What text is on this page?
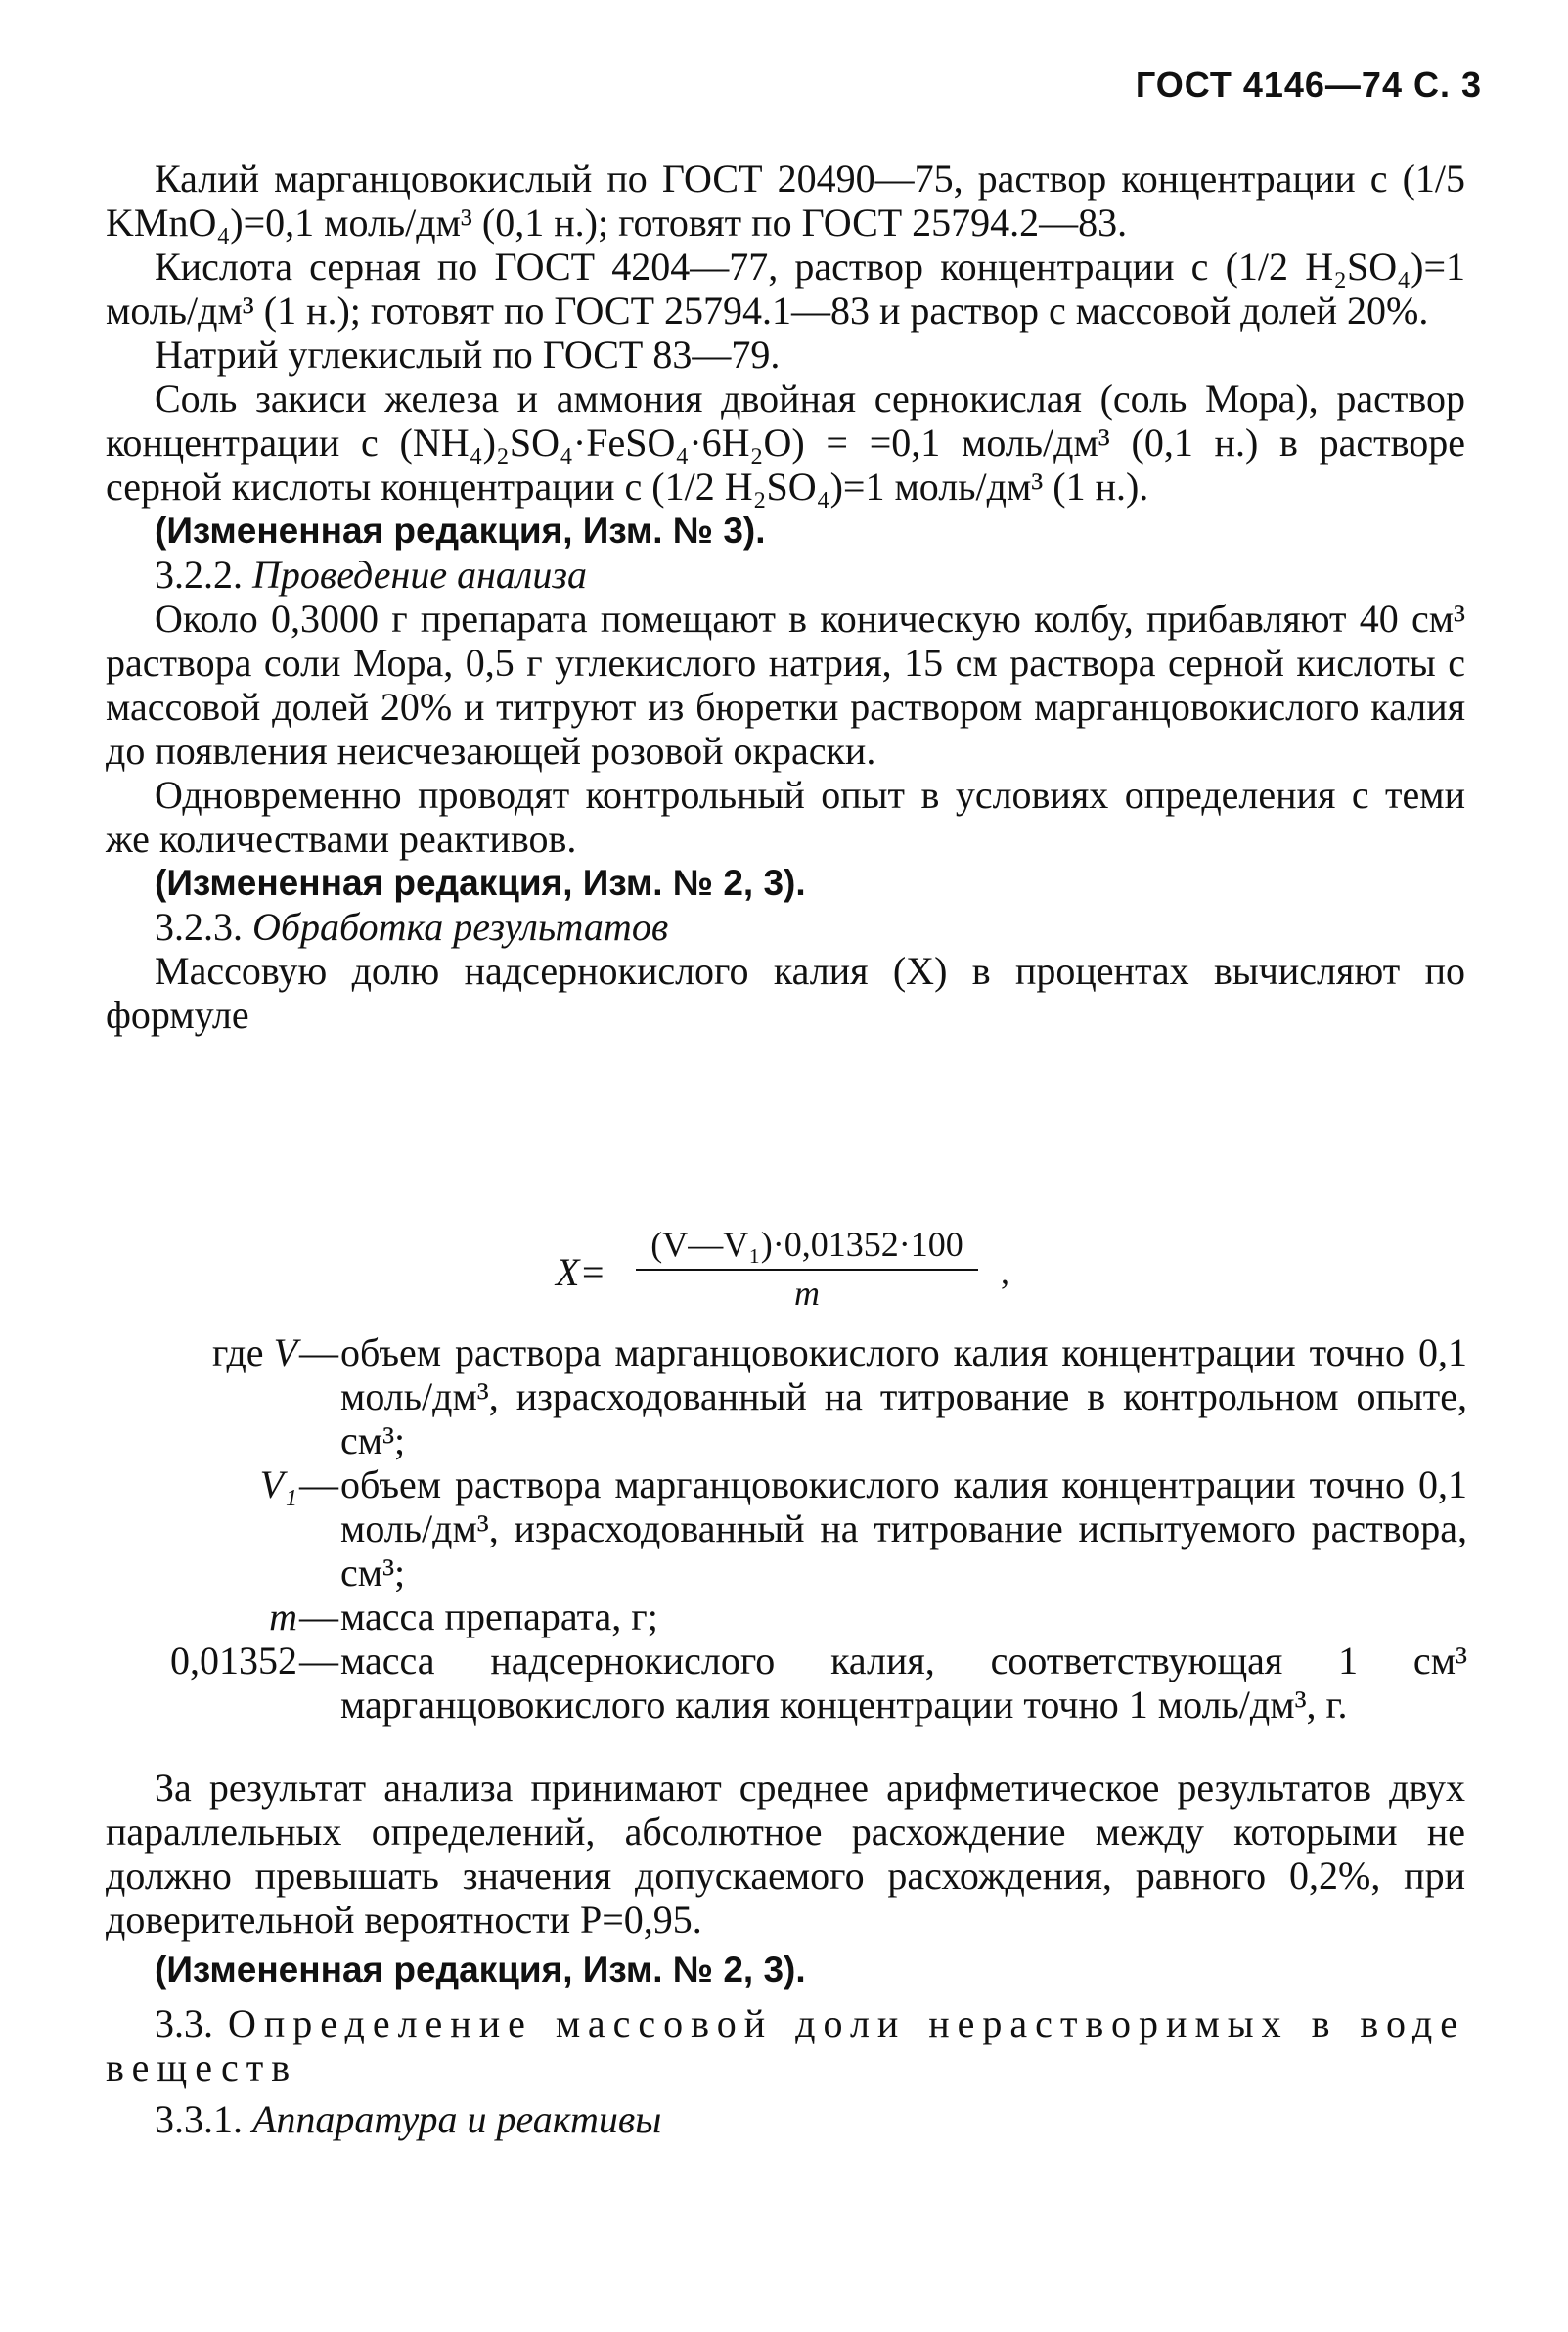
ГОСТ 4146—74 С. 3

Калий марганцовокислый по ГОСТ 20490—75, раствор концентрации с (1/5 KMnO₄)=0,1 моль/дм³ (0,1 н.); готовят по ГОСТ 25794.2—83.

Кислота серная по ГОСТ 4204—77, раствор концентрации с (1/2 H₂SO₄)=1 моль/дм³ (1 н.); готовят по ГОСТ 25794.1—83 и раствор с массовой долей 20%.

Натрий углекислый по ГОСТ 83—79.

Соль закиси железа и аммония двойная сернокислая (соль Мора), раствор концентрации с (NH₄)₂SO₄·FeSO₄·6H₂O) = =0,1 моль/дм³ (0,1 н.) в растворе серной кислоты концентрации с (1/2 H₂SO₄)=1 моль/дм³ (1 н.).

(Измененная редакция, Изм. № 3).

3.2.2. Проведение анализа

Около 0,3000 г препарата помещают в коническую колбу, прибавляют 40 см³ раствора соли Мора, 0,5 г углекислого натрия, 15 см раствора серной кислоты с массовой долей 20% и титруют из бюретки раствором марганцовокислого калия до появления неисчезающей розовой окраски.

Одновременно проводят контрольный опыт в условиях определения с теми же количествами реактивов.

(Измененная редакция, Изм. № 2, 3).

3.2.3. Обработка результатов

Массовую долю надсернокислого калия (X) в процентах вычисляют по формуле

X=
(V—V₁)·0,01352·100
m
,
где V — объем раствора марганцовокислого калия концентрации точно 0,1 моль/дм³, израсходованный на титрование в контрольном опыте, см³;
V₁ — объем раствора марганцовокислого калия концентрации точно 0,1 моль/дм³, израсходованный на титрование испытуемого раствора, см³;
m — масса препарата, г;
0,01352 — масса надсернокислого калия, соответствующая 1 см³ марганцовокислого калия концентрации точно 1 моль/дм³, г.

За результат анализа принимают среднее арифметическое результатов двух параллельных определений, абсолютное расхождение между которыми не должно превышать значения допускаемого расхождения, равного 0,2%, при доверительной вероятности Р=0,95.

(Измененная редакция, Изм. № 2, 3).

3.3. Определение массовой доли нерастворимых в воде веществ

3.3.1. Аппаратура и реактивы
